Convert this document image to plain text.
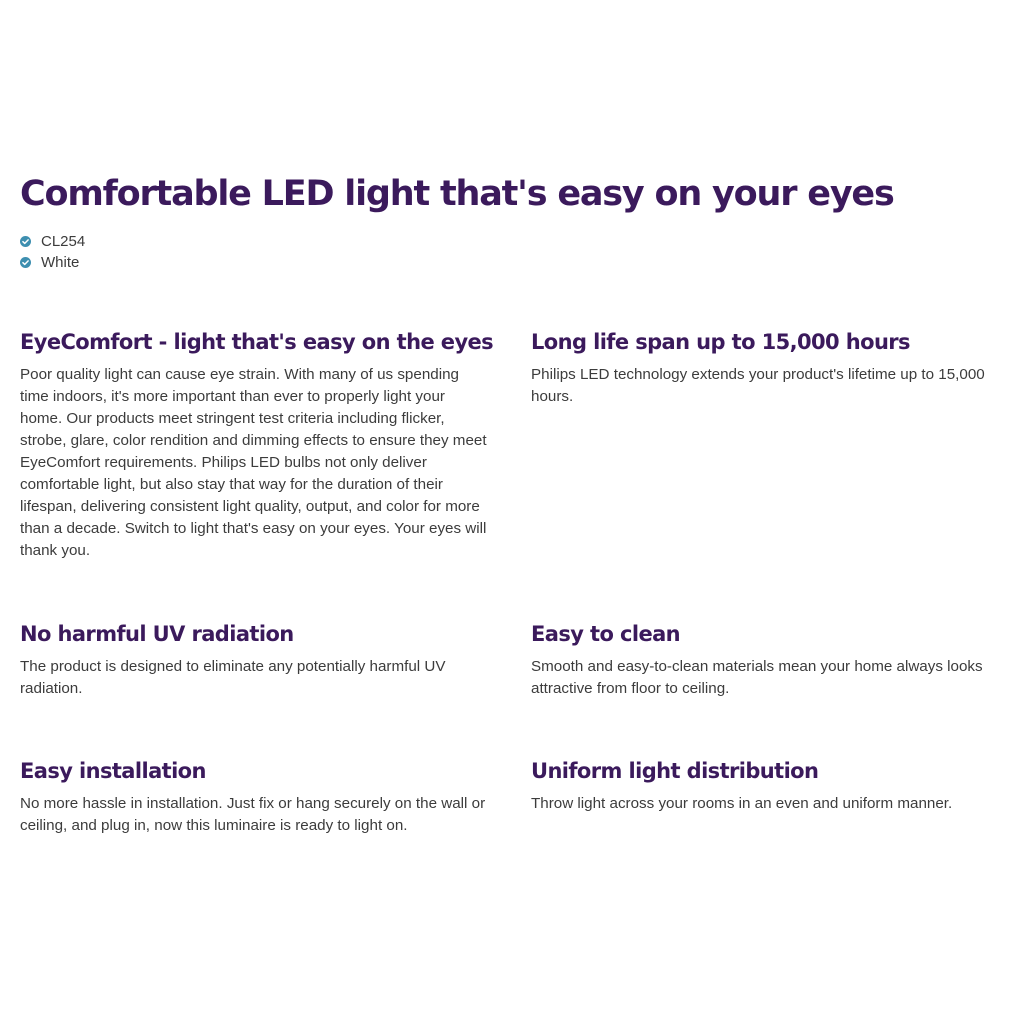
Comfortable LED light that's easy on your eyes
CL254
White
EyeComfort - light that's easy on the eyes

Poor quality light can cause eye strain. With many of us spending time indoors, it's more important than ever to properly light your home. Our products meet stringent test criteria including flicker, strobe, glare, color rendition and dimming effects to ensure they meet EyeComfort requirements. Philips LED bulbs not only deliver comfortable light, but also stay that way for the duration of their lifespan, delivering consistent light quality, output, and color for more than a decade. Switch to light that's easy on your eyes. Your eyes will thank you.

Long life span up to 15,000 hours

Philips LED technology extends your product's lifetime up to 15,000 hours.

No harmful UV radiation

The product is designed to eliminate any potentially harmful UV radiation.

Easy to clean

Smooth and easy-to-clean materials mean your home always looks attractive from floor to ceiling.

Easy installation

No more hassle in installation. Just fix or hang securely on the wall or ceiling, and plug in, now this luminaire is ready to light on.

Uniform light distribution

Throw light across your rooms in an even and uniform manner.
